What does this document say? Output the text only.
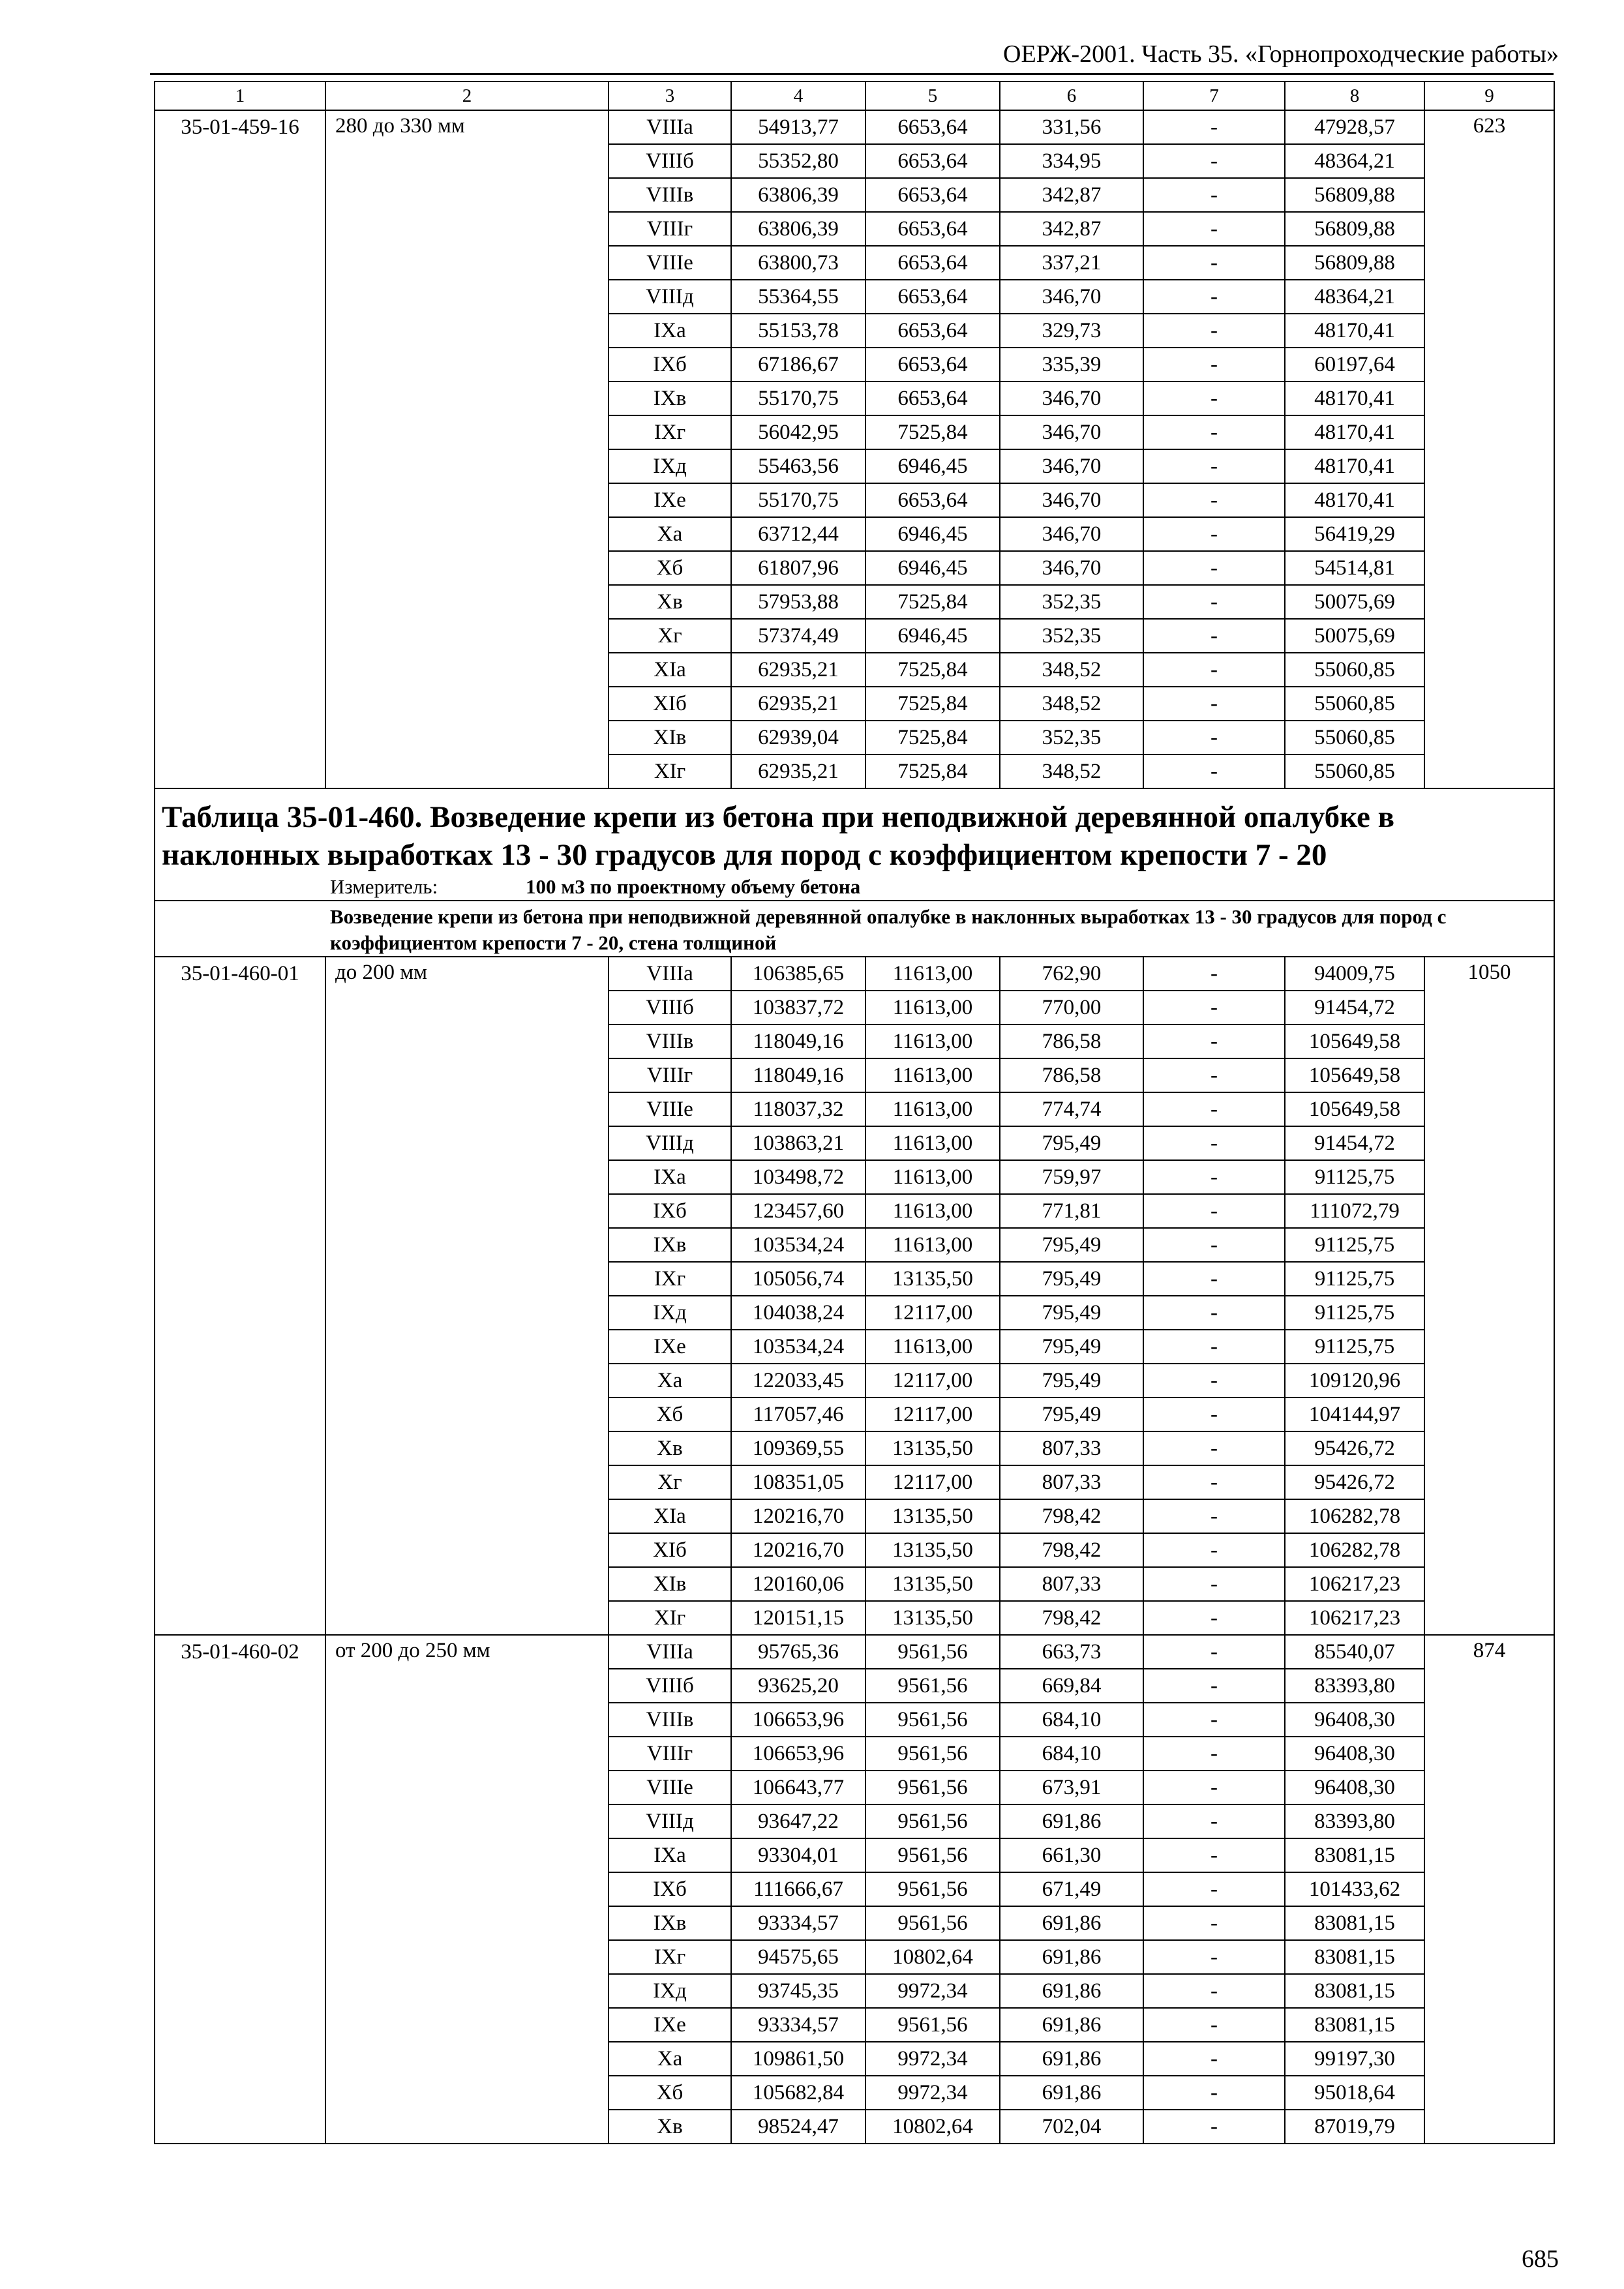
ОЕРЖ-2001. Часть 35. «Горнопроходческие работы»
1	2	3	4	5	6	7	8	9
35-01-459-16	280 до 330 мм	VIIIа	54913,77	6653,64	331,56	-	47928,57	623
		VIIIб	55352,80	6653,64	334,95	-	48364,21	
		VIIIв	63806,39	6653,64	342,87	-	56809,88	
		VIIIг	63806,39	6653,64	342,87	-	56809,88	
		VIIIе	63800,73	6653,64	337,21	-	56809,88	
		VIIIд	55364,55	6653,64	346,70	-	48364,21	
		IXа	55153,78	6653,64	329,73	-	48170,41	
		IXб	67186,67	6653,64	335,39	-	60197,64	
		IXв	55170,75	6653,64	346,70	-	48170,41	
		IXг	56042,95	7525,84	346,70	-	48170,41	
		IXд	55463,56	6946,45	346,70	-	48170,41	
		IXе	55170,75	6653,64	346,70	-	48170,41	
		Xа	63712,44	6946,45	346,70	-	56419,29	
		Xб	61807,96	6946,45	346,70	-	54514,81	
		Xв	57953,88	7525,84	352,35	-	50075,69	
		Xг	57374,49	6946,45	352,35	-	50075,69	
		XIа	62935,21	7525,84	348,52	-	55060,85	
		XIб	62935,21	7525,84	348,52	-	55060,85	
		XIв	62939,04	7525,84	352,35	-	55060,85	
		XIг	62935,21	7525,84	348,52	-	55060,85	
Таблица 35-01-460. Возведение крепи из бетона при неподвижной деревянной опалубке в наклонных выработках 13 - 30 градусов для пород с коэффициентом крепости 7 - 20								
Измеритель: 100 м3 по проектному объему бетона								
Возведение крепи из бетона при неподвижной деревянной опалубке в наклонных выработках 13 - 30 градусов для пород с коэффициентом крепости 7 - 20, стена толщиной								
35-01-460-01	до 200 мм	VIIIа	106385,65	11613,00	762,90	-	94009,75	1050
		VIIIб	103837,72	11613,00	770,00	-	91454,72	
		VIIIв	118049,16	11613,00	786,58	-	105649,58	
		VIIIг	118049,16	11613,00	786,58	-	105649,58	
		VIIIе	118037,32	11613,00	774,74	-	105649,58	
		VIIIд	103863,21	11613,00	795,49	-	91454,72	
		IXа	103498,72	11613,00	759,97	-	91125,75	
		IXб	123457,60	11613,00	771,81	-	111072,79	
		IXв	103534,24	11613,00	795,49	-	91125,75	
		IXг	105056,74	13135,50	795,49	-	91125,75	
		IXд	104038,24	12117,00	795,49	-	91125,75	
		IXе	103534,24	11613,00	795,49	-	91125,75	
		Xа	122033,45	12117,00	795,49	-	109120,96	
		Xб	117057,46	12117,00	795,49	-	104144,97	
		Xв	109369,55	13135,50	807,33	-	95426,72	
		Xг	108351,05	12117,00	807,33	-	95426,72	
		XIа	120216,70	13135,50	798,42	-	106282,78	
		XIб	120216,70	13135,50	798,42	-	106282,78	
		XIв	120160,06	13135,50	807,33	-	106217,23	
		XIг	120151,15	13135,50	798,42	-	106217,23	
35-01-460-02	от 200 до 250 мм	VIIIа	95765,36	9561,56	663,73	-	85540,07	874
		VIIIб	93625,20	9561,56	669,84	-	83393,80	
		VIIIв	106653,96	9561,56	684,10	-	96408,30	
		VIIIг	106653,96	9561,56	684,10	-	96408,30	
		VIIIе	106643,77	9561,56	673,91	-	96408,30	
		VIIIд	93647,22	9561,56	691,86	-	83393,80	
		IXа	93304,01	9561,56	661,30	-	83081,15	
		IXб	111666,67	9561,56	671,49	-	101433,62	
		IXв	93334,57	9561,56	691,86	-	83081,15	
		IXг	94575,65	10802,64	691,86	-	83081,15	
		IXд	93745,35	9972,34	691,86	-	83081,15	
		IXе	93334,57	9561,56	691,86	-	83081,15	
		Xа	109861,50	9972,34	691,86	-	99197,30	
		Xб	105682,84	9972,34	691,86	-	95018,64	
		Xв	98524,47	10802,64	702,04	-	87019,79	
685
